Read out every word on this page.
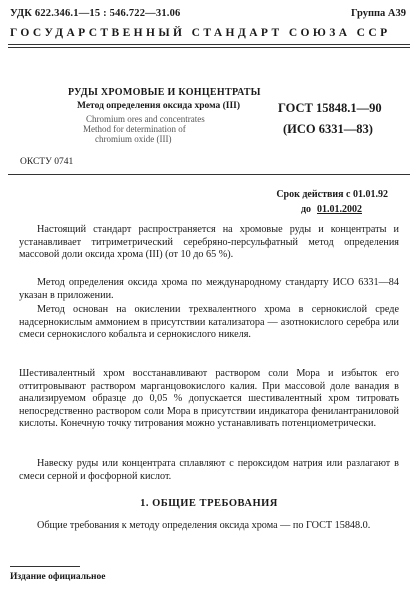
УДК 622.346.1—15 : 546.722—31.06	Группа А39
ГОСУДАРСТВЕННЫЙ СТАНДАРТ СОЮЗА ССР
РУДЫ ХРОМОВЫЕ И КОНЦЕНТРАТЫ
Метод определения оксида хрома (III)
Chromium ores and concentrates
Method for determination of
chromium oxide (III)
ГОСТ 15848.1—90
(ИСО 6331—83)
ОКСТУ 0741
Срок действия с 01.01.92
до 01.01.2002
Настоящий стандарт распространяется на хромовые руды и концентраты и устанавливает титриметрический серебряно-персульфатный метод определения массовой доли оксида хрома (III) (от 10 до 65 %).
Метод определения оксида хрома по международному стандарту ИСО 6331—84 указан в приложении.
Метод основан на окислении трехвалентного хрома в сернокислой среде надсернокислым аммонием в присутствии катализатора — азотнокислого серебра или смеси сернокислого кобальта и сернокислого никеля.
Шестивалентный хром восстанавливают раствором соли Мора и избыток его оттитровывают раствором марганцовокислого калия. При массовой доле ванадия в анализируемом образце до 0,05 % допускается шестивалентный хром титровать непосредственно раствором соли Мора в присутствии индикатора фенилантраниловой кислоты. Конечную точку титрования можно устанавливать потенциометрически.
Навеску руды или концентрата сплавляют с пероксидом натрия или разлагают в смеси серной и фосфорной кислот.
1. ОБЩИЕ ТРЕБОВАНИЯ
Общие требования к методу определения оксида хрома — по ГОСТ 15848.0.
Издание официальное
